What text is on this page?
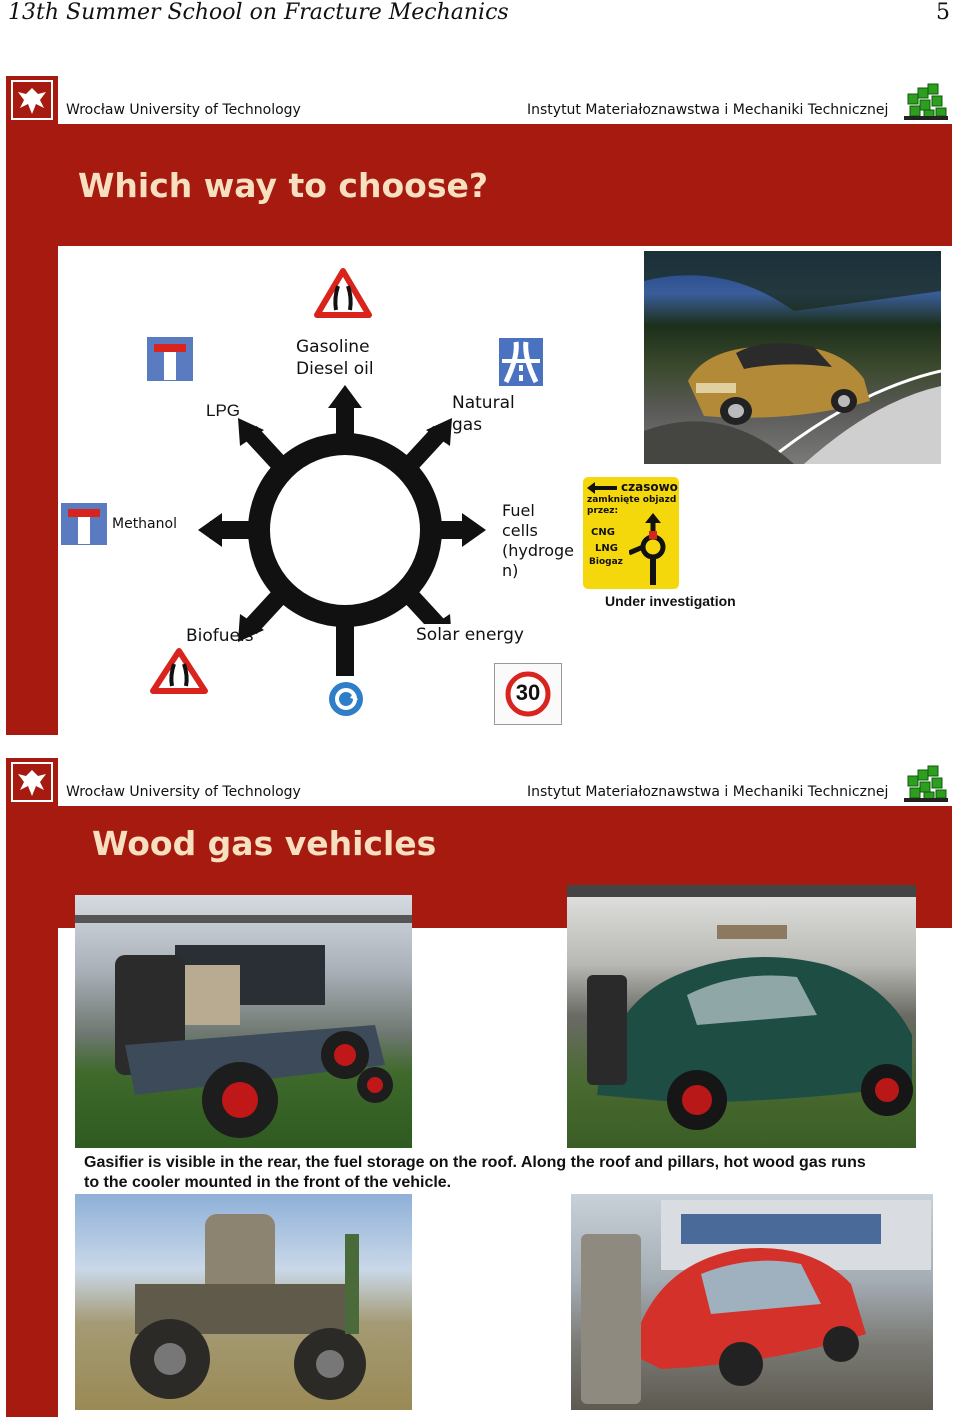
13th Summer School on Fracture Mechanics	5
Wrocław University of Technology	Instytut Materiałoznawstwa i Mechaniki Technicznej
Which way to choose?
Gasoline
Diesel oil
LPG	Natural
gas
Methanol
Fuel
cells
(hydroge
n)
Biofuels	Solar energy
30
czasowo
zamknięte objazd
przez:
CNG
LNG
Biogaz
Under investigation
Wrocław University of Technology	Instytut Materiałoznawstwa i Mechaniki Technicznej
Wood gas vehicles
Gasifier is visible in the rear, the fuel storage on the roof. Along the roof and pillars, hot wood gas runs
to the cooler mounted in the front of the vehicle.
